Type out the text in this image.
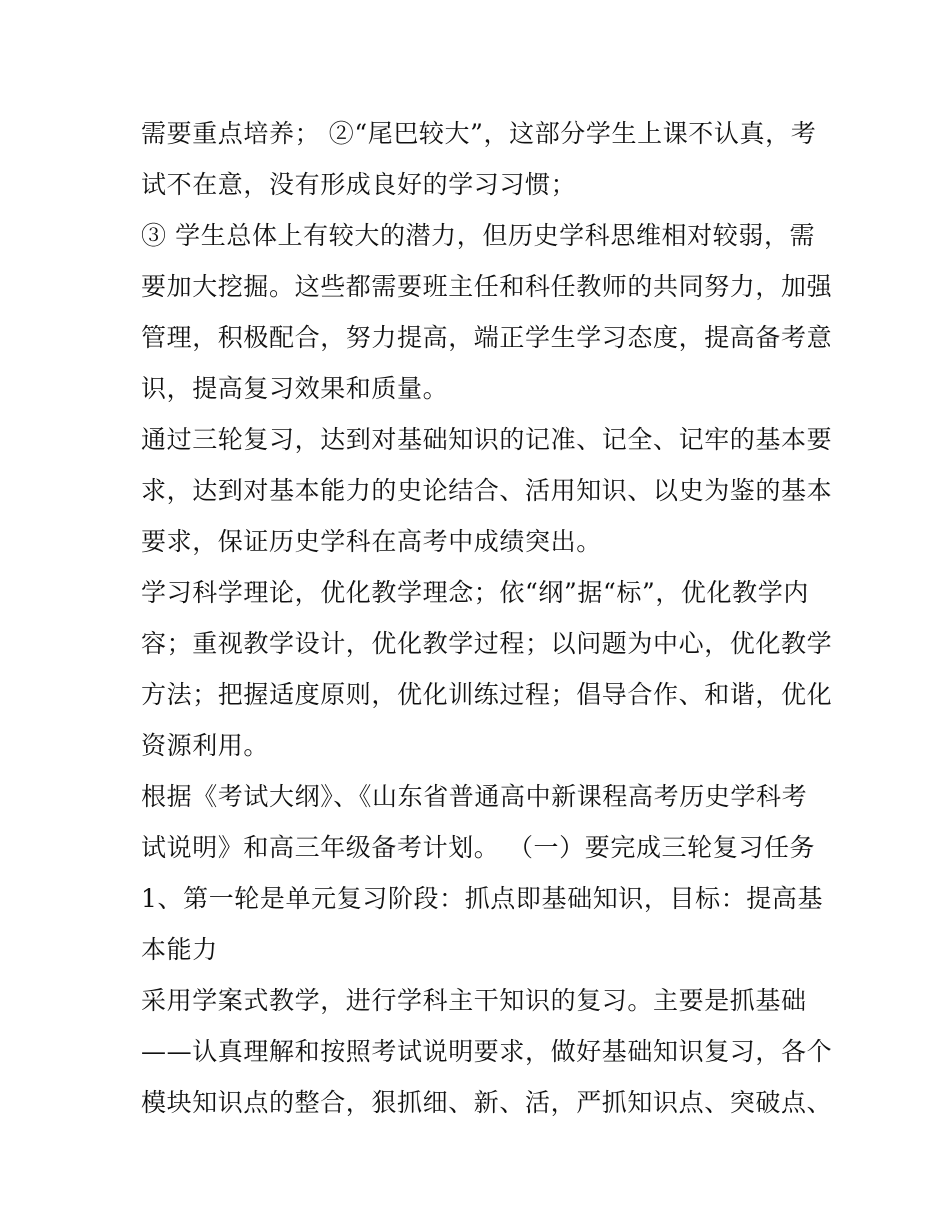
需要重点培养； ②“尾巴较大”，这部分学生上课不认真，考
试不在意，没有形成良好的学习习惯；
③ 学生总体上有较大的潜力，但历史学科思维相对较弱，需
要加大挖掘。这些都需要班主任和科任教师的共同努力，加强
管理，积极配合，努力提高，端正学生学习态度，提高备考意
识，提高复习效果和质量。
通过三轮复习，达到对基础知识的记准、记全、记牢的基本要
求，达到对基本能力的史论结合、活用知识、以史为鉴的基本
要求，保证历史学科在高考中成绩突出。
学习科学理论，优化教学理念；依“纲”据“标”，优化教学内
容；重视教学设计，优化教学过程；以问题为中心，优化教学
方法；把握适度原则，优化训练过程；倡导合作、和谐，优化
资源利用。
根据《考试大纲》、《山东省普通高中新课程高考历史学科考
试说明》和高三年级备考计划。 （一）要完成三轮复习任务
1、第一轮是单元复习阶段：抓点即基础知识，目标：提高基
本能力
采用学案式教学，进行学科主干知识的复习。主要是抓基础
——认真理解和按照考试说明要求，做好基础知识复习，各个
模块知识点的整合，狠抓细、新、活，严抓知识点、突破点、
